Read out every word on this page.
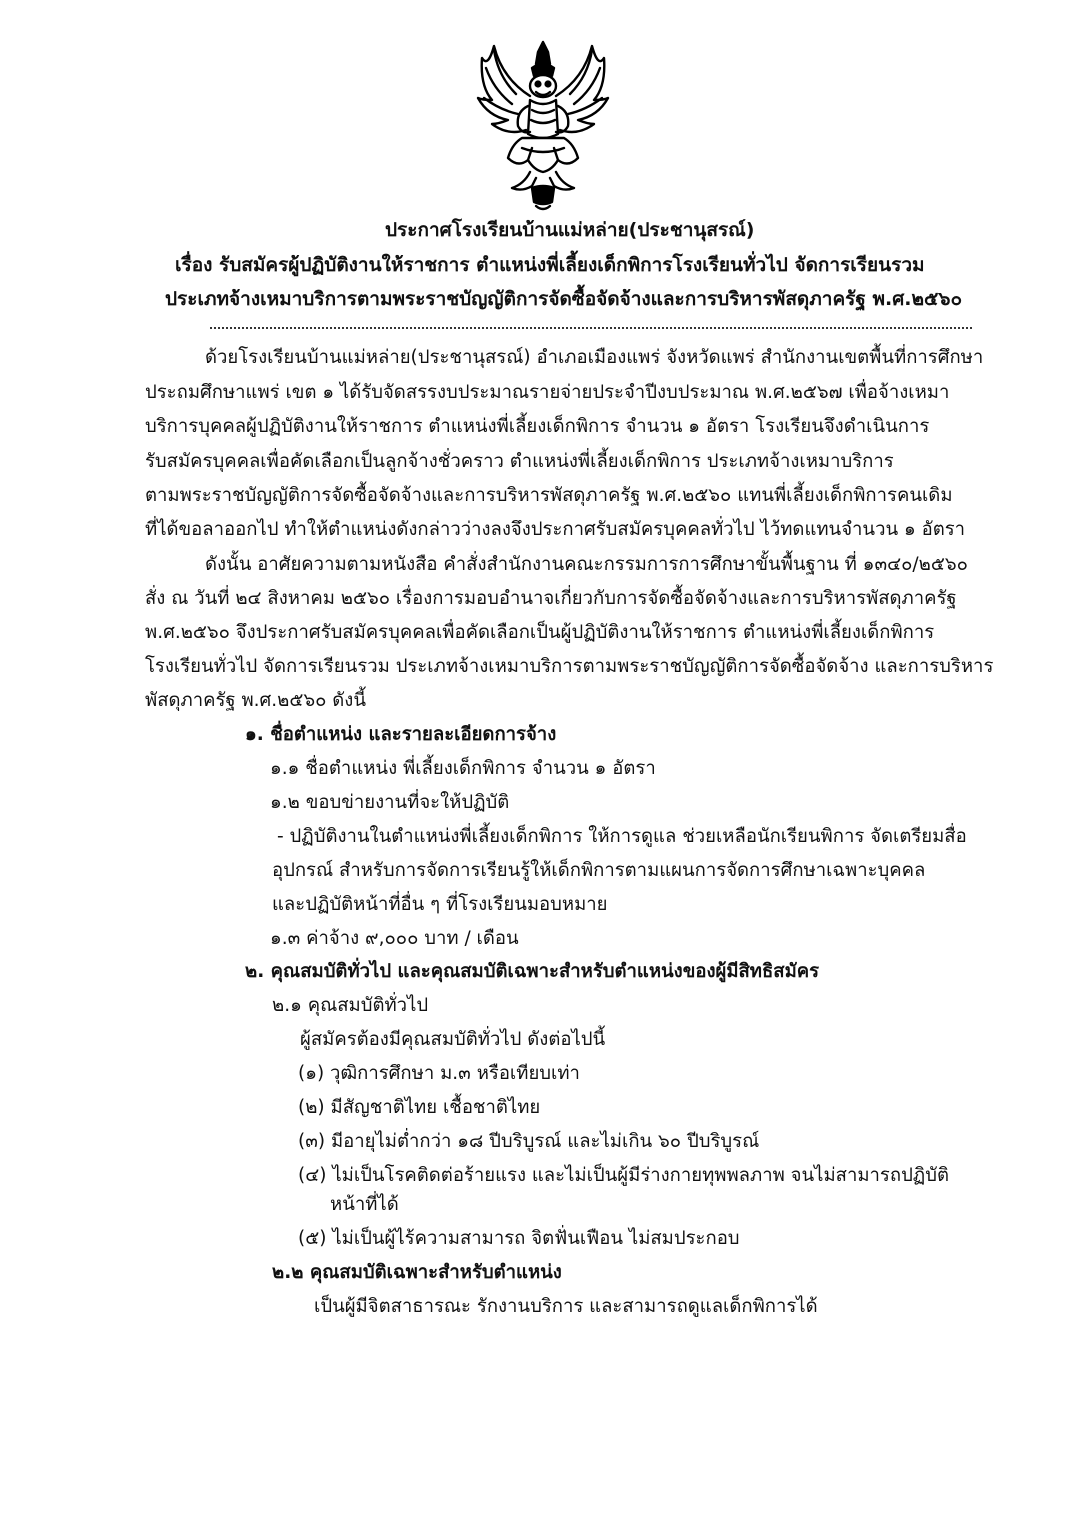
ประกาศโรงเรียนบ้านแม่หล่าย(ประชานุสรณ์)
เรื่อง รับสมัครผู้ปฏิบัติงานให้ราชการ ตำแหน่งพี่เลี้ยงเด็กพิการโรงเรียนทั่วไป จัดการเรียนรวม
ประเภทจ้างเหมาบริการตามพระราชบัญญัติการจัดซื้อจัดจ้างและการบริหารพัสดุภาครัฐ พ.ศ.๒๕๖๐
ด้วยโรงเรียนบ้านแม่หล่าย(ประชานุสรณ์) อำเภอเมืองแพร่ จังหวัดแพร่ สำนักงานเขตพื้นที่การศึกษา
ประถมศึกษาแพร่ เขต ๑ ได้รับจัดสรรงบประมาณรายจ่ายประจำปีงบประมาณ พ.ศ.๒๕๖๗ เพื่อจ้างเหมา
บริการบุคคลผู้ปฏิบัติงานให้ราชการ ตำแหน่งพี่เลี้ยงเด็กพิการ จำนวน ๑ อัตรา โรงเรียนจึงดำเนินการ
รับสมัครบุคคลเพื่อคัดเลือกเป็นลูกจ้างชั่วคราว ตำแหน่งพี่เลี้ยงเด็กพิการ ประเภทจ้างเหมาบริการ
ตามพระราชบัญญัติการจัดซื้อจัดจ้างและการบริหารพัสดุภาครัฐ พ.ศ.๒๕๖๐ แทนพี่เลี้ยงเด็กพิการคนเดิม
ที่ได้ขอลาออกไป ทำให้ตำแหน่งดังกล่าวว่างลงจึงประกาศรับสมัครบุคคลทั่วไป ไว้ทดแทนจำนวน ๑ อัตรา
ดังนั้น อาศัยความตามหนังสือ คำสั่งสำนักงานคณะกรรมการการศึกษาขั้นพื้นฐาน ที่ ๑๓๔๐/๒๕๖๐
สั่ง ณ วันที่ ๒๔ สิงหาคม ๒๕๖๐ เรื่องการมอบอำนาจเกี่ยวกับการจัดซื้อจัดจ้างและการบริหารพัสดุภาครัฐ
พ.ศ.๒๕๖๐ จึงประกาศรับสมัครบุคคลเพื่อคัดเลือกเป็นผู้ปฏิบัติงานให้ราชการ ตำแหน่งพี่เลี้ยงเด็กพิการ
โรงเรียนทั่วไป จัดการเรียนรวม ประเภทจ้างเหมาบริการตามพระราชบัญญัติการจัดซื้อจัดจ้าง และการบริหาร
พัสดุภาครัฐ พ.ศ.๒๕๖๐ ดังนี้
๑. ชื่อตำแหน่ง และรายละเอียดการจ้าง
๑.๑ ชื่อตำแหน่ง พี่เลี้ยงเด็กพิการ จำนวน ๑ อัตรา
๑.๒ ขอบข่ายงานที่จะให้ปฏิบัติ
- ปฏิบัติงานในตำแหน่งพี่เลี้ยงเด็กพิการ ให้การดูแล ช่วยเหลือนักเรียนพิการ จัดเตรียมสื่อ
อุปกรณ์ สำหรับการจัดการเรียนรู้ให้เด็กพิการตามแผนการจัดการศึกษาเฉพาะบุคคล
และปฏิบัติหน้าที่อื่น ๆ ที่โรงเรียนมอบหมาย
๑.๓ ค่าจ้าง ๙,๐๐๐ บาท / เดือน
๒. คุณสมบัติทั่วไป และคุณสมบัติเฉพาะสำหรับตำแหน่งของผู้มีสิทธิสมัคร
๒.๑ คุณสมบัติทั่วไป
ผู้สมัครต้องมีคุณสมบัติทั่วไป ดังต่อไปนี้
(๑) วุฒิการศึกษา ม.๓ หรือเทียบเท่า
(๒) มีสัญชาติไทย เชื้อชาติไทย
(๓) มีอายุไม่ต่ำกว่า ๑๘ ปีบริบูรณ์ และไม่เกิน ๖๐ ปีบริบูรณ์
(๔) ไม่เป็นโรคติดต่อร้ายแรง และไม่เป็นผู้มีร่างกายทุพพลภาพ จนไม่สามารถปฏิบัติ
หน้าที่ได้
(๕) ไม่เป็นผู้ไร้ความสามารถ จิตฟั่นเฟือน ไม่สมประกอบ
๒.๒ คุณสมบัติเฉพาะสำหรับตำแหน่ง
เป็นผู้มีจิตสาธารณะ รักงานบริการ และสามารถดูแลเด็กพิการได้
